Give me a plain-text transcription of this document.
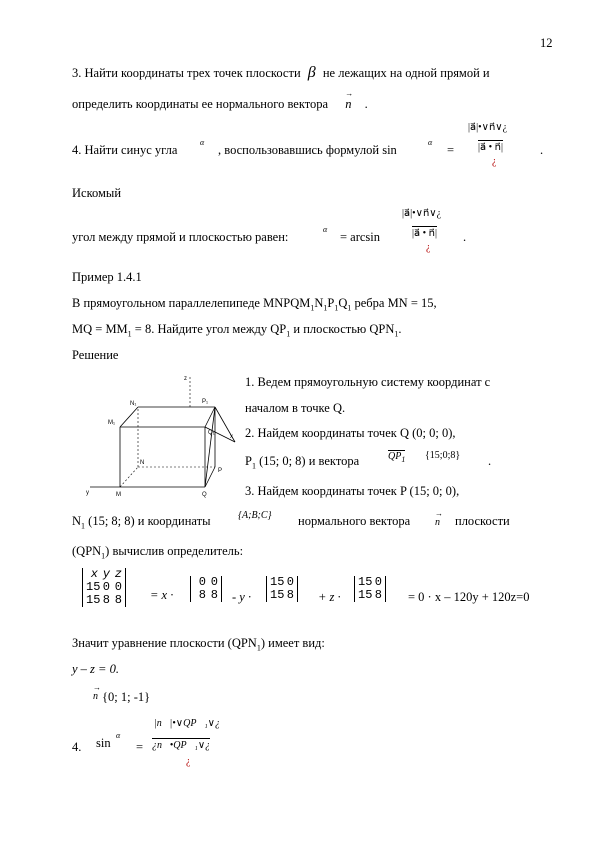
12
3. Найти координаты трех точек плоскости β не лежащих на одной прямой и
определить координаты ее нормального вектора → n .
4. Найти синус угла
α
, воспользовавшись формулой sin
α
=
|a⃗|•∨n⃗∨¿
|a⃗ • n⃗|
¿
.
Искомый
угол между прямой и плоскостью равен:
α
= arcsin
|a⃗|•∨n⃗∨¿
|a⃗ • n⃗|
¿
.
Пример 1.4.1
В прямоугольном параллелепипеде $MNPQM_1N_1P_1Q_1$ ребра MN = 15,
MQ = $MM_1 = 8$. Найдите угол между $QP_1$ и плоскостью $QPN_1$.
Решение
M₁
N₁	P₁
Q₁
M
N
P
Q
x
y
z	1. Ведем прямоугольную систему координат с
началом в точке Q.
2. Найдем координаты точек Q (0; 0; 0),
$P_1$ (15; 0; 8) и вектора	$QP_1$ {15;0;8} .
3. Найдем координаты точек P (15; 0; 0),
$N_1$ (15; 8; 8) и координаты	{A;B;C} нормального вектора → n плоскости
$(QPN_1)$ вычислив определитель:
x y z
15 0 0
15 8 8 = x ·
0 0
8 8 - y ·
15 0
15 8 + z ·
15 0
15 8 = 0 · x – 120y + 120z=0
Значит уравнение плоскости $(QPN_1)$ имеет вид:
y – z = 0.
→ n {0; 1; -1}
4. sin
α
=
|n⃗|•∨QP⃗₁∨¿
¿n⃗•QP⃗₁∨¿
¿
